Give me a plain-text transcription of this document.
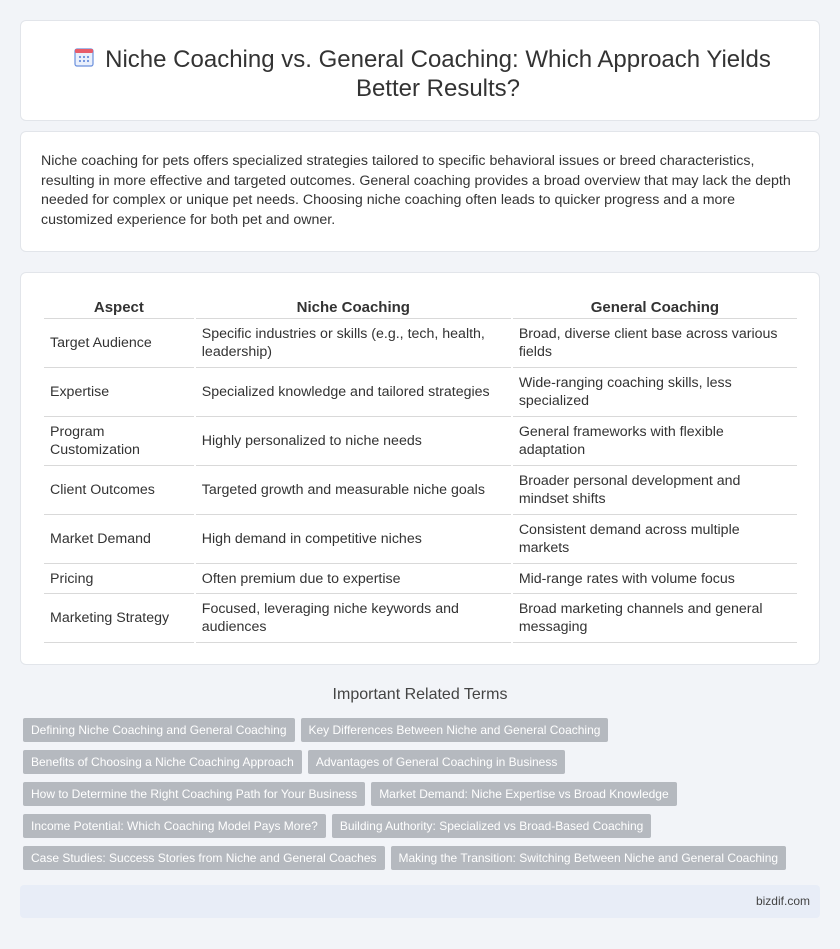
Niche Coaching vs. General Coaching: Which Approach Yields Better Results?

Niche coaching for pets offers specialized strategies tailored to specific behavioral issues or breed characteristics, resulting in more effective and targeted outcomes. General coaching provides a broad overview that may lack the depth needed for complex or unique pet needs. Choosing niche coaching often leads to quicker progress and a more customized experience for both pet and owner.

Aspect	Niche Coaching	General Coaching
Target Audience	Specific industries or skills (e.g., tech, health, leadership)	Broad, diverse client base across various fields
Expertise	Specialized knowledge and tailored strategies	Wide-ranging coaching skills, less specialized
Program Customization	Highly personalized to niche needs	General frameworks with flexible adaptation
Client Outcomes	Targeted growth and measurable niche goals	Broader personal development and mindset shifts
Market Demand	High demand in competitive niches	Consistent demand across multiple markets
Pricing	Often premium due to expertise	Mid-range rates with volume focus
Marketing Strategy	Focused, leveraging niche keywords and audiences	Broad marketing channels and general messaging
Important Related Terms
Defining Niche Coaching and General Coaching Key Differences Between Niche and General Coaching
Benefits of Choosing a Niche Coaching Approach Advantages of General Coaching in Business
How to Determine the Right Coaching Path for Your Business Market Demand: Niche Expertise vs Broad Knowledge
Income Potential: Which Coaching Model Pays More? Building Authority: Specialized vs Broad-Based Coaching
Case Studies: Success Stories from Niche and General Coaches Making the Transition: Switching Between Niche and General Coaching
bizdif.com
